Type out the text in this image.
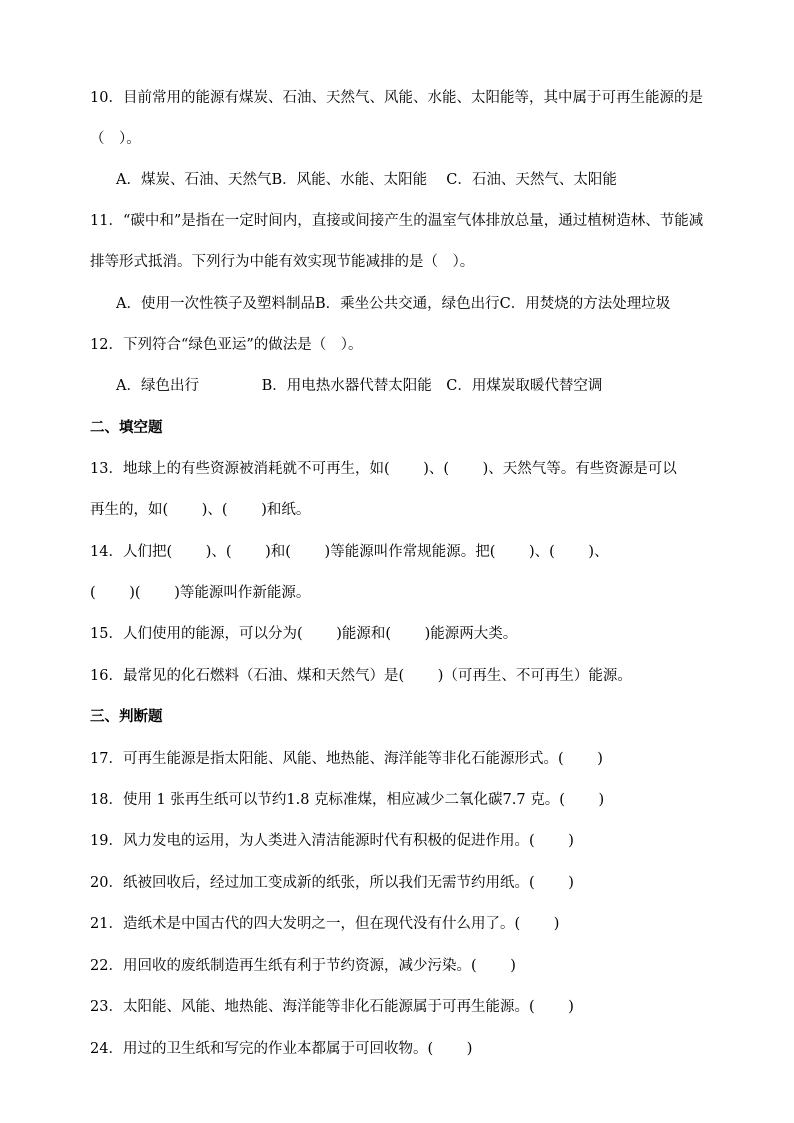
10．目前常用的能源有煤炭、石油、天然气、风能、水能、太阳能等，其中属于可再生能源的是
（　）。
A．煤炭、石油、天然气B．风能、水能、太阳能　 C．石油、天然气、太阳能
11．“碳中和”是指在一定时间内，直接或间接产生的温室气体排放总量，通过植树造林、节能减
排等形式抵消。下列行为中能有效实现节能减排的是（　）。
A．使用一次性筷子及塑料制品B．乘坐公共交通，绿色出行C．用焚烧的方法处理垃圾
12．下列符合“绿色亚运”的做法是（　）。
A．绿色出行　　　　 B．用电热水器代替太阳能　C．用煤炭取暖代替空调
二、填空题
13．地球上的有些资源被消耗就不可再生，如(　　 )、(　　 )、天然气等。有些资源是可以
再生的，如(　　 )、(　　 )和纸。
14．人们把(　　 )、(　　 )和(　　 )等能源叫作常规能源。把(　　 )、(　　 )、
(　　 )(　　 )等能源叫作新能源。
15．人们使用的能源，可以分为(　　 )能源和(　　 )能源两大类。
16．最常见的化石燃料（石油、煤和天然气）是(　　 )（可再生、不可再生）能源。
三、判断题
17．可再生能源是指太阳能、风能、地热能、海洋能等非化石能源形式。(　　 )
18．使用 1 张再生纸可以节约1.8 克标准煤，相应减少二氧化碳7.7 克。(　　 )
19．风力发电的运用，为人类进入清洁能源时代有积极的促进作用。(　　 )
20．纸被回收后，经过加工变成新的纸张，所以我们无需节约用纸。(　　 )
21．造纸术是中国古代的四大发明之一，但在现代没有什么用了。(　　 )
22．用回收的废纸制造再生纸有利于节约资源，减少污染。(　　 )
23．太阳能、风能、地热能、海洋能等非化石能源属于可再生能源。(　　 )
24．用过的卫生纸和写完的作业本都属于可回收物。(　　 )
